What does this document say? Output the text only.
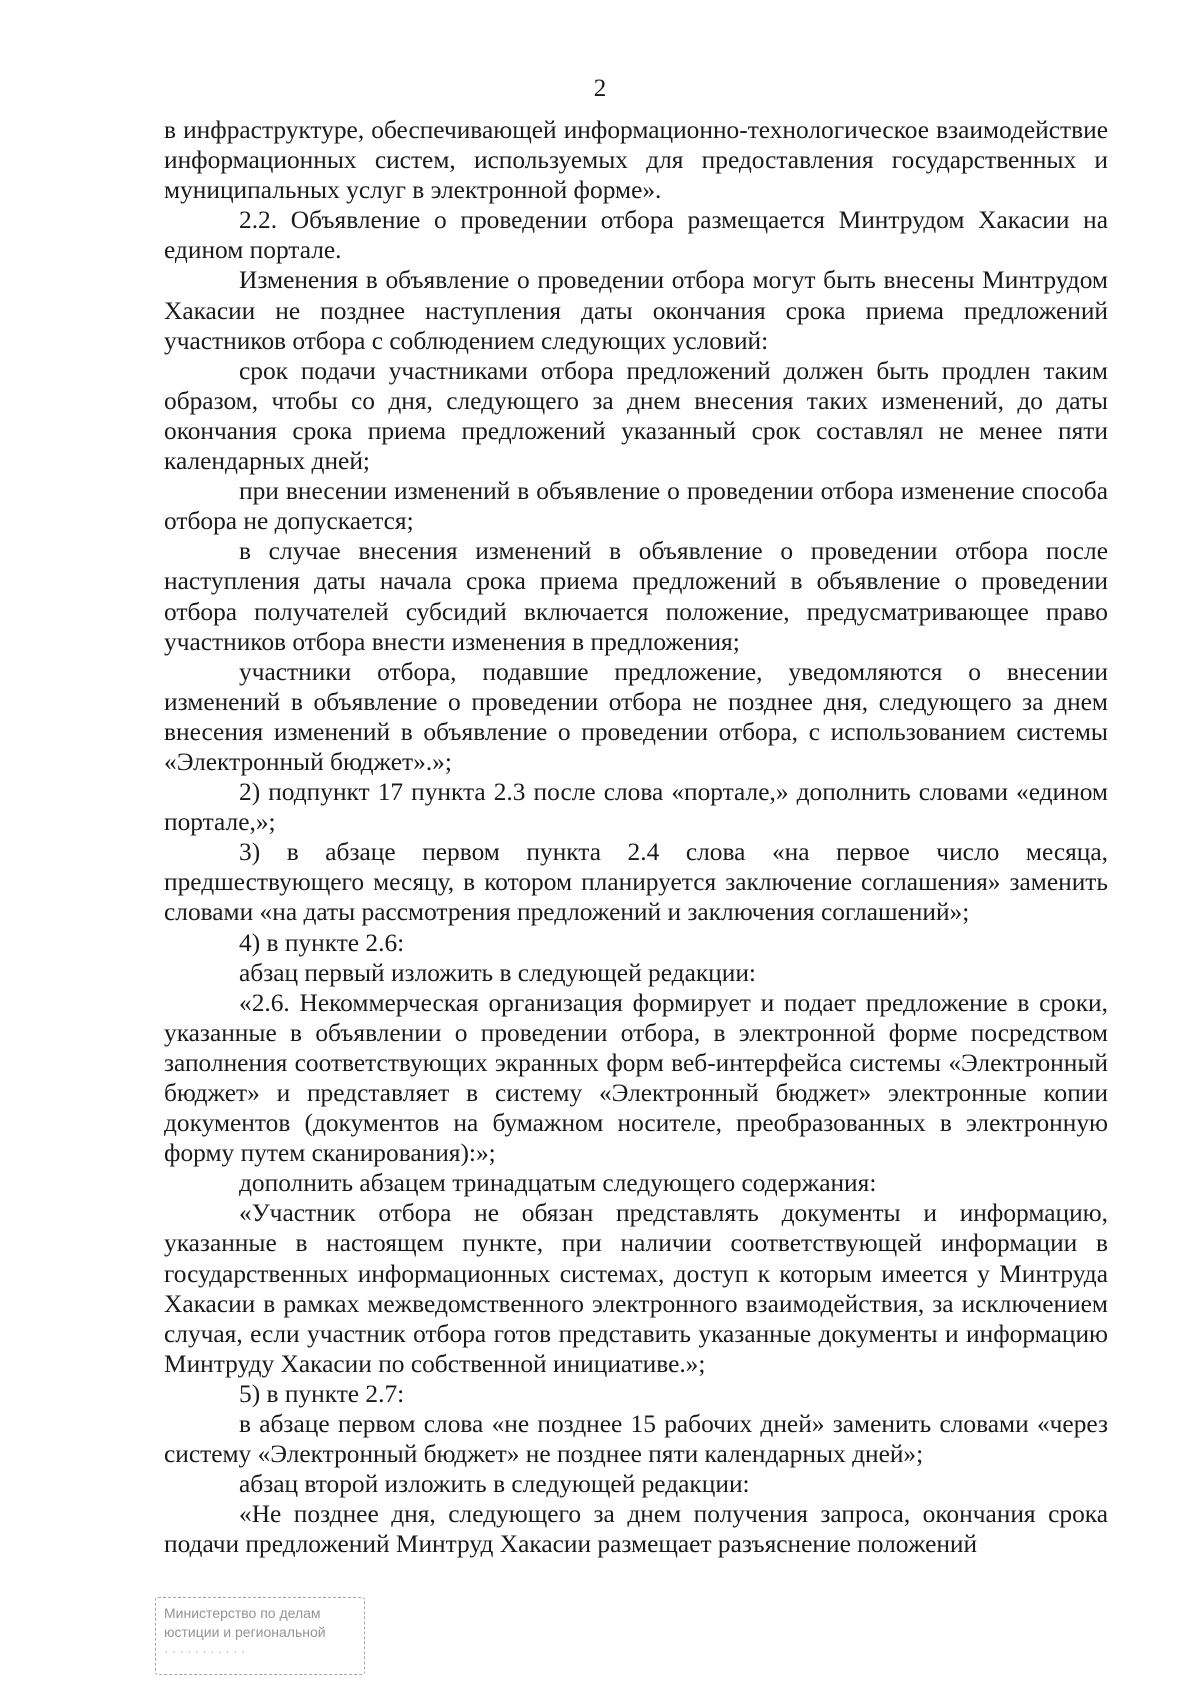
2

в инфраструктуре, обеспечивающей информационно-технологическое взаимодействие информационных систем, используемых для предоставления государственных и муниципальных услуг в электронной форме».

2.2. Объявление о проведении отбора размещается Минтрудом Хакасии на едином портале.

Изменения в объявление о проведении отбора могут быть внесены Минтрудом Хакасии не позднее наступления даты окончания срока приема предложений участников отбора с соблюдением следующих условий:

срок подачи участниками отбора предложений должен быть продлен таким образом, чтобы со дня, следующего за днем внесения таких изменений, до даты окончания срока приема предложений указанный срок составлял не менее пяти календарных дней;

при внесении изменений в объявление о проведении отбора изменение способа отбора не допускается;

в случае внесения изменений в объявление о проведении отбора после наступления даты начала срока приема предложений в объявление о проведении отбора получателей субсидий включается положение, предусматривающее право участников отбора внести изменения в предложения;

участники отбора, подавшие предложение, уведомляются о внесении изменений в объявление о проведении отбора не позднее дня, следующего за днем внесения изменений в объявление о проведении отбора, с использованием системы «Электронный бюджет».»;

2) подпункт 17 пункта 2.3 после слова «портале,» дополнить словами «едином портале,»;

3) в абзаце первом пункта 2.4 слова «на первое число месяца, предшествующего месяцу, в котором планируется заключение соглашения» заменить словами «на даты рассмотрения предложений и заключения соглашений»;

4) в пункте 2.6:

абзац первый изложить в следующей редакции:

«2.6. Некоммерческая организация формирует и подает предложение в сроки, указанные в объявлении о проведении отбора, в электронной форме посредством заполнения соответствующих экранных форм веб-интерфейса системы «Электронный бюджет» и представляет в систему «Электронный бюджет» электронные копии документов (документов на бумажном носителе, преобразованных в электронную форму путем сканирования):»;

дополнить абзацем тринадцатым следующего содержания:

«Участник отбора не обязан представлять документы и информацию, указанные в настоящем пункте, при наличии соответствующей информации в государственных информационных системах, доступ к которым имеется у Минтруда Хакасии в рамках межведомственного электронного взаимодействия, за исключением случая, если участник отбора готов представить указанные документы и информацию Минтруду Хакасии по собственной инициативе.»;

5) в пункте 2.7:

в абзаце первом слова «не позднее 15 рабочих дней» заменить словами «через систему «Электронный бюджет» не позднее пяти календарных дней»;

абзац второй изложить в следующей редакции:

«Не позднее дня, следующего за днем получения запроса, окончания срока подачи предложений Минтруд Хакасии размещает разъяснение положений

Министерство по делам
юстиции и региональной
···········
